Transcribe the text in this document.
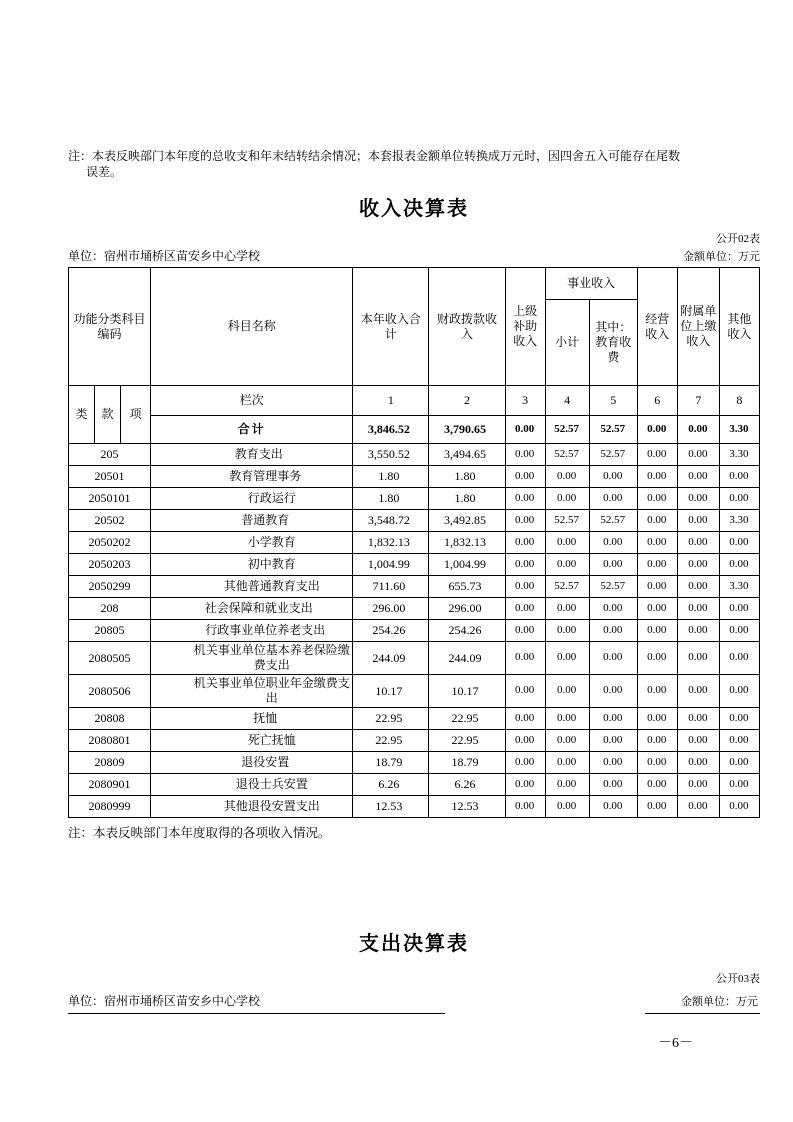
注：本表反映部门本年度的总收支和年末结转结余情况；本套报表金额单位转换成万元时，因四舍五入可能存在尾数误差。
收入决算表
公开02表
单位：宿州市埇桥区苗安乡中心学校	金额单位：万元
功能分类科目编码			科目名称	本年收入合计	财政拨款收入	上级补助收入	事业收入		经营收入	附属单位上缴收入	其他收入
							小计	其中：教育收费			
类	款	项	栏次	1	2	3	4	5	6	7	8
			合计	3,846.52	3,790.65	0.00	52.57	52.57	0.00	0.00	3.30
205			教育支出	3,550.52	3,494.65	0.00	52.57	52.57	0.00	0.00	3.30
20501			教育管理事务	1.80	1.80	0.00	0.00	0.00	0.00	0.00	0.00
2050101			行政运行	1.80	1.80	0.00	0.00	0.00	0.00	0.00	0.00
20502			普通教育	3,548.72	3,492.85	0.00	52.57	52.57	0.00	0.00	3.30
2050202			小学教育	1,832.13	1,832.13	0.00	0.00	0.00	0.00	0.00	0.00
2050203			初中教育	1,004.99	1,004.99	0.00	0.00	0.00	0.00	0.00	0.00
2050299			其他普通教育支出	711.60	655.73	0.00	52.57	52.57	0.00	0.00	3.30
208			社会保障和就业支出	296.00	296.00	0.00	0.00	0.00	0.00	0.00	0.00
20805			行政事业单位养老支出	254.26	254.26	0.00	0.00	0.00	0.00	0.00	0.00
2080505			机关事业单位基本养老保险缴费支出	244.09	244.09	0.00	0.00	0.00	0.00	0.00	0.00
2080506			机关事业单位职业年金缴费支出	10.17	10.17	0.00	0.00	0.00	0.00	0.00	0.00
20808			抚恤	22.95	22.95	0.00	0.00	0.00	0.00	0.00	0.00
2080801			死亡抚恤	22.95	22.95	0.00	0.00	0.00	0.00	0.00	0.00
20809			退役安置	18.79	18.79	0.00	0.00	0.00	0.00	0.00	0.00
2080901			退役士兵安置	6.26	6.26	0.00	0.00	0.00	0.00	0.00	0.00
2080999			其他退役安置支出	12.53	12.53	0.00	0.00	0.00	0.00	0.00	0.00
注：本表反映部门本年度取得的各项收入情况。
支出决算表
公开03表
单位：宿州市埇桥区苗安乡中心学校	金额单位：万元
－6－
